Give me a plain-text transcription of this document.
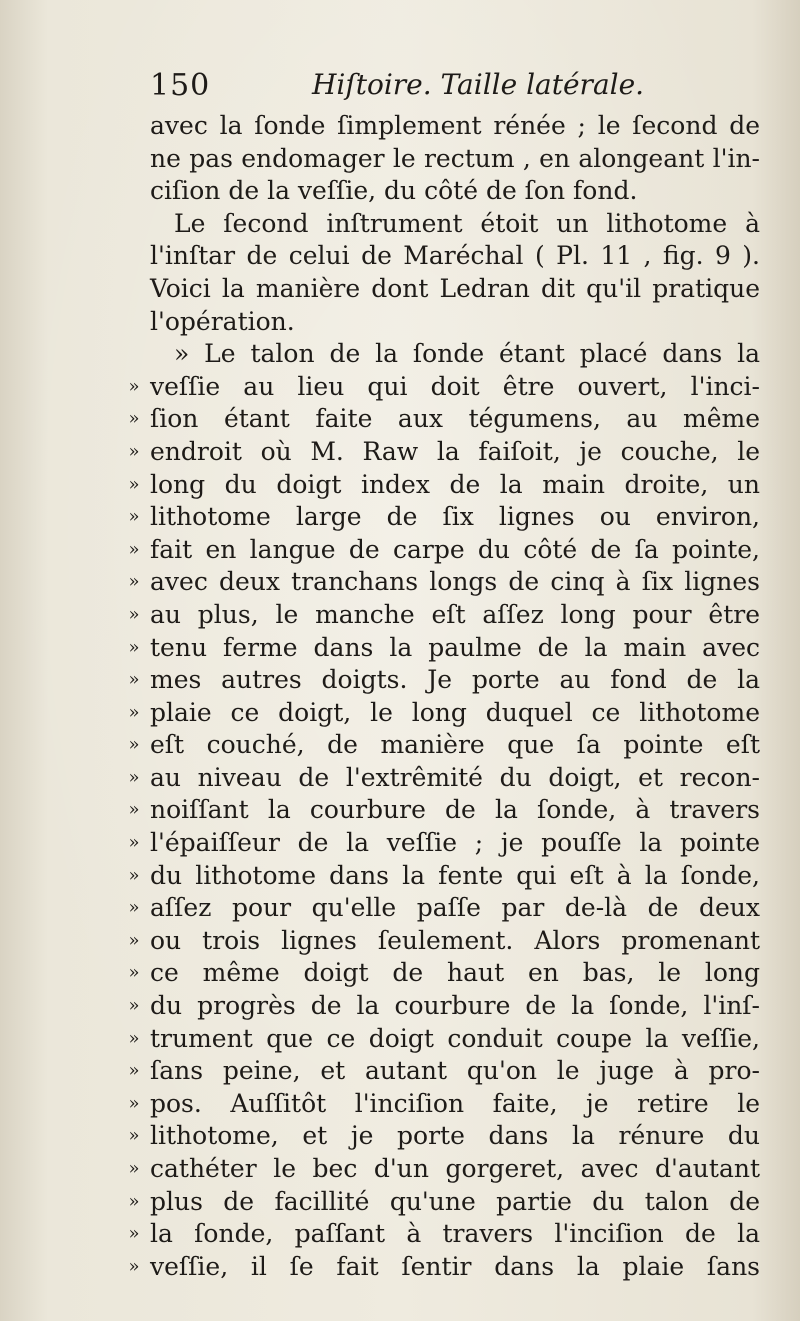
150	Hiſtoire. Taille latérale.
avec la ſonde ſimplement rénée ; le ſecond de
ne pas endomager le rectum , en alongeant l'in-
ciſion de la veſſie, du côté de ſon fond.
Le ſecond inſtrument étoit un lithotome à
l'inſtar de celui de Maréchal ( Pl. 11 , fig. 9 ).
Voici la manière dont Ledran dit qu'il pratique
l'opération.
» Le talon de la ſonde étant placé dans la
» veſſie au lieu qui doit être ouvert, l'inci-
» ſion étant faite aux tégumens, au même
» endroit où M. Raw la faiſoit, je couche, le
» long du doigt index de la main droite, un
» lithotome large de ſix lignes ou environ,
» fait en langue de carpe du côté de ſa pointe,
» avec deux tranchans longs de cinq à ſix lignes
» au plus, le manche eſt aſſez long pour être
» tenu ferme dans la paulme de la main avec
» mes autres doigts. Je porte au fond de la
» plaie ce doigt, le long duquel ce lithotome
» eſt couché, de manière que ſa pointe eſt
» au niveau de l'extrêmité du doigt, et recon-
» noiſſant la courbure de la ſonde, à travers
» l'épaiſſeur de la veſſie ; je pouſſe la pointe
» du lithotome dans la fente qui eſt à la ſonde,
» aſſez pour qu'elle paſſe par de-là de deux
» ou trois lignes ſeulement. Alors promenant
» ce même doigt de haut en bas, le long
» du progrès de la courbure de la ſonde, l'inſ-
» trument que ce doigt conduit coupe la veſſie,
» ſans peine, et autant qu'on le juge à pro-
» pos. Auſſitôt l'inciſion faite, je retire le
» lithotome, et je porte dans la rénure du
» cathéter le bec d'un gorgeret, avec d'autant
» plus de facillité qu'une partie du talon de
» la ſonde, paſſant à travers l'inciſion de la
» veſſie, il ſe fait ſentir dans la plaie ſans
